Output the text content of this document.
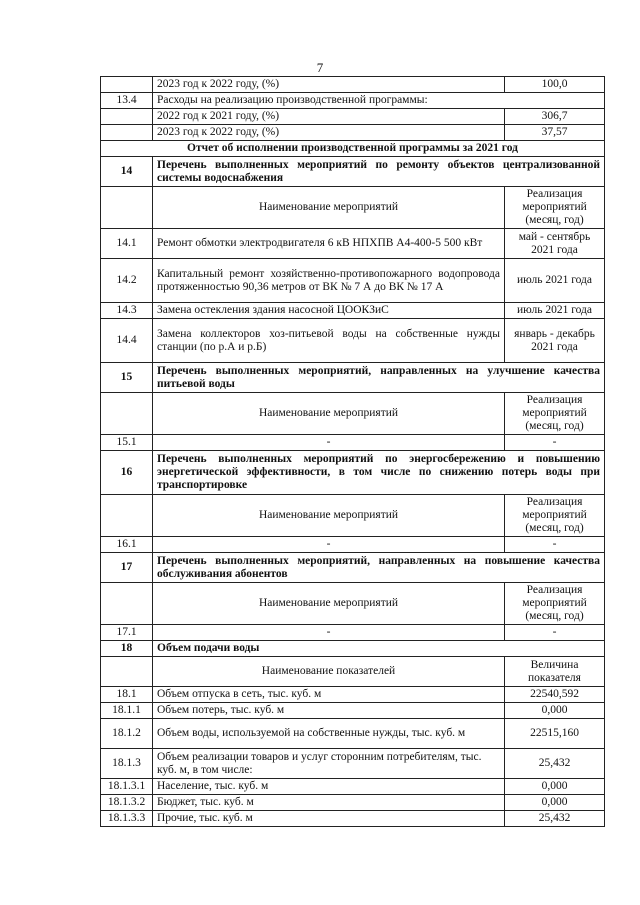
7
	2023 год к 2022 году, (%)	100,0
13.4	Расходы на реализацию производственной программы:	
	2022 год к 2021 году, (%)	306,7
	2023 год к 2022 году, (%)	37,57
Отчет об исполнении производственной программы за 2021 год		
14	Перечень выполненных мероприятий по ремонту объектов централизованной системы водоснабжения	
	Наименование мероприятий	Реализация мероприятий (месяц, год)
14.1	Ремонт обмотки электродвигателя 6 кВ НПХПВ А4-400-5 500 кВт	май - сентябрь 2021 года
14.2	Капитальный ремонт хозяйственно-противопожарного водопровода протяженностью 90,36 метров от ВК № 7 А до ВК № 17 А	июль 2021 года
14.3	Замена остекления здания насосной ЦООКЗиС	июль 2021 года
14.4	Замена коллекторов хоз-питьевой воды на собственные нужды станции (по р.А и р.Б)	январь - декабрь 2021 года
15	Перечень выполненных мероприятий, направленных на улучшение качества питьевой воды	
	Наименование мероприятий	Реализация мероприятий (месяц, год)
15.1	-	-
16	Перечень выполненных мероприятий по энергосбережению и повышению энергетической эффективности, в том числе по снижению потерь воды при транспортировке	
	Наименование мероприятий	Реализация мероприятий (месяц, год)
16.1	-	-
17	Перечень выполненных мероприятий, направленных на повышение качества обслуживания абонентов	
	Наименование мероприятий	Реализация мероприятий (месяц, год)
17.1	-	-
18	Объем подачи воды	
	Наименование показателей	Величина показателя
18.1	Объем отпуска в сеть, тыс. куб. м	22540,592
18.1.1	Объем потерь, тыс. куб. м	0,000
18.1.2	Объем воды, используемой на собственные нужды, тыс. куб. м	22515,160
18.1.3	Объем реализации товаров и услуг сторонним потребителям, тыс. куб. м, в том числе:	25,432
18.1.3.1	Население, тыс. куб. м	0,000
18.1.3.2	Бюджет, тыс. куб. м	0,000
18.1.3.3	Прочие, тыс. куб. м	25,432
